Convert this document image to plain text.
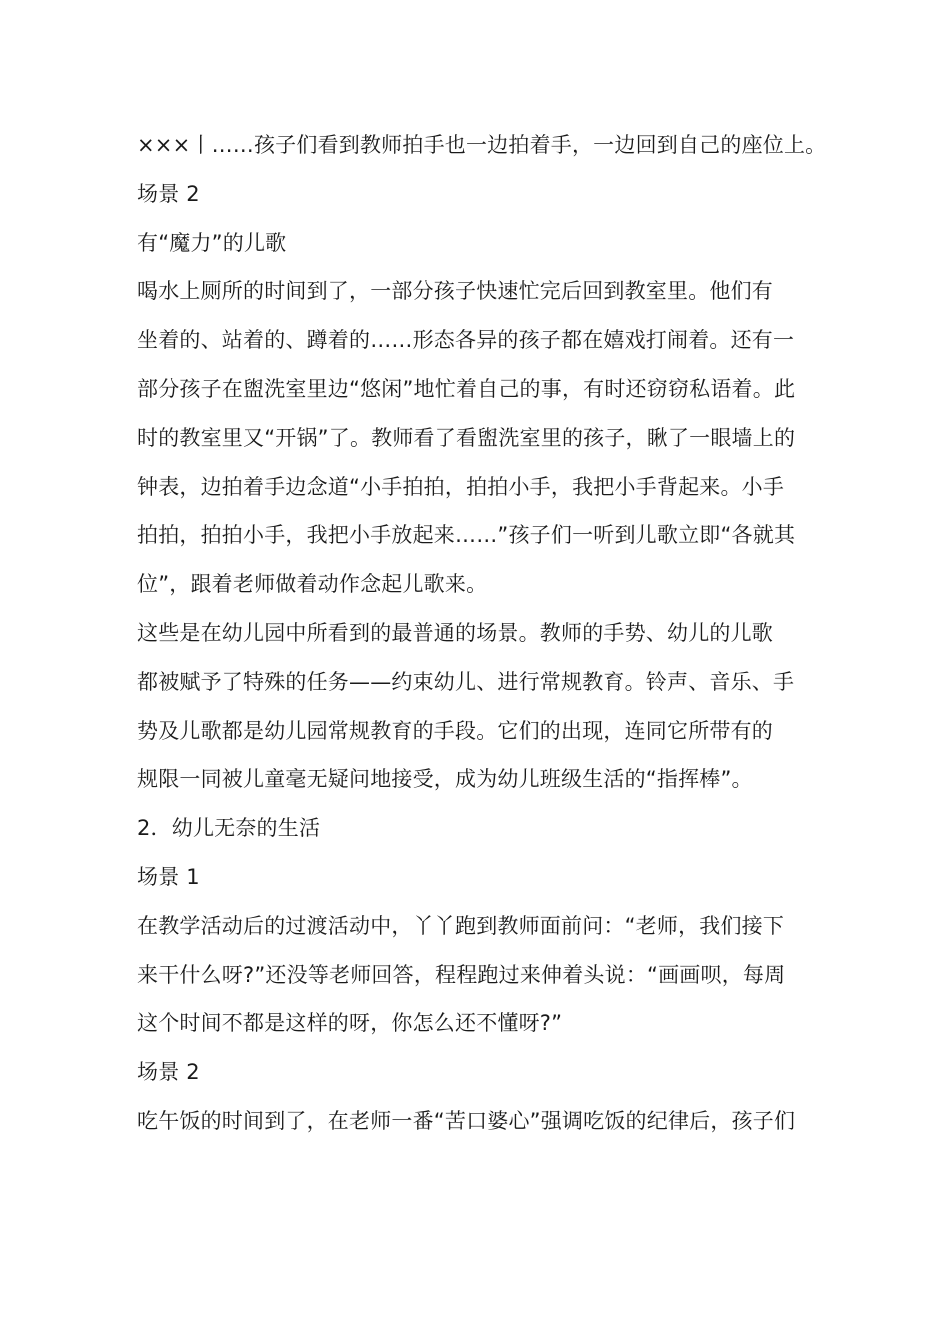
×××丨……孩子们看到教师拍手也一边拍着手，一边回到自己的座位上。
场景 2
有“魔力”的儿歌
喝水上厕所的时间到了，一部分孩子快速忙完后回到教室里。他们有
坐着的、站着的、蹲着的……形态各异的孩子都在嬉戏打闹着。还有一
部分孩子在盥洗室里边“悠闲”地忙着自己的事，有时还窃窃私语着。此
时的教室里又“开锅”了。教师看了看盥洗室里的孩子，瞅了一眼墙上的
钟表，边拍着手边念道“小手拍拍，拍拍小手，我把小手背起来。小手
拍拍，拍拍小手，我把小手放起来……”孩子们一听到儿歌立即“各就其
位”，跟着老师做着动作念起儿歌来。
这些是在幼儿园中所看到的最普通的场景。教师的手势、幼儿的儿歌
都被赋予了特殊的任务——约束幼儿、进行常规教育。铃声、音乐、手
势及儿歌都是幼儿园常规教育的手段。它们的出现，连同它所带有的
规限一同被儿童毫无疑问地接受，成为幼儿班级生活的“指挥棒”。
2．幼儿无奈的生活
场景 1
在教学活动后的过渡活动中，丫丫跑到教师面前问：“老师，我们接下
来干什么呀?”还没等老师回答，程程跑过来伸着头说：“画画呗，每周
这个时间不都是这样的呀，你怎么还不懂呀?”
场景 2
吃午饭的时间到了，在老师一番“苦口婆心”强调吃饭的纪律后，孩子们
